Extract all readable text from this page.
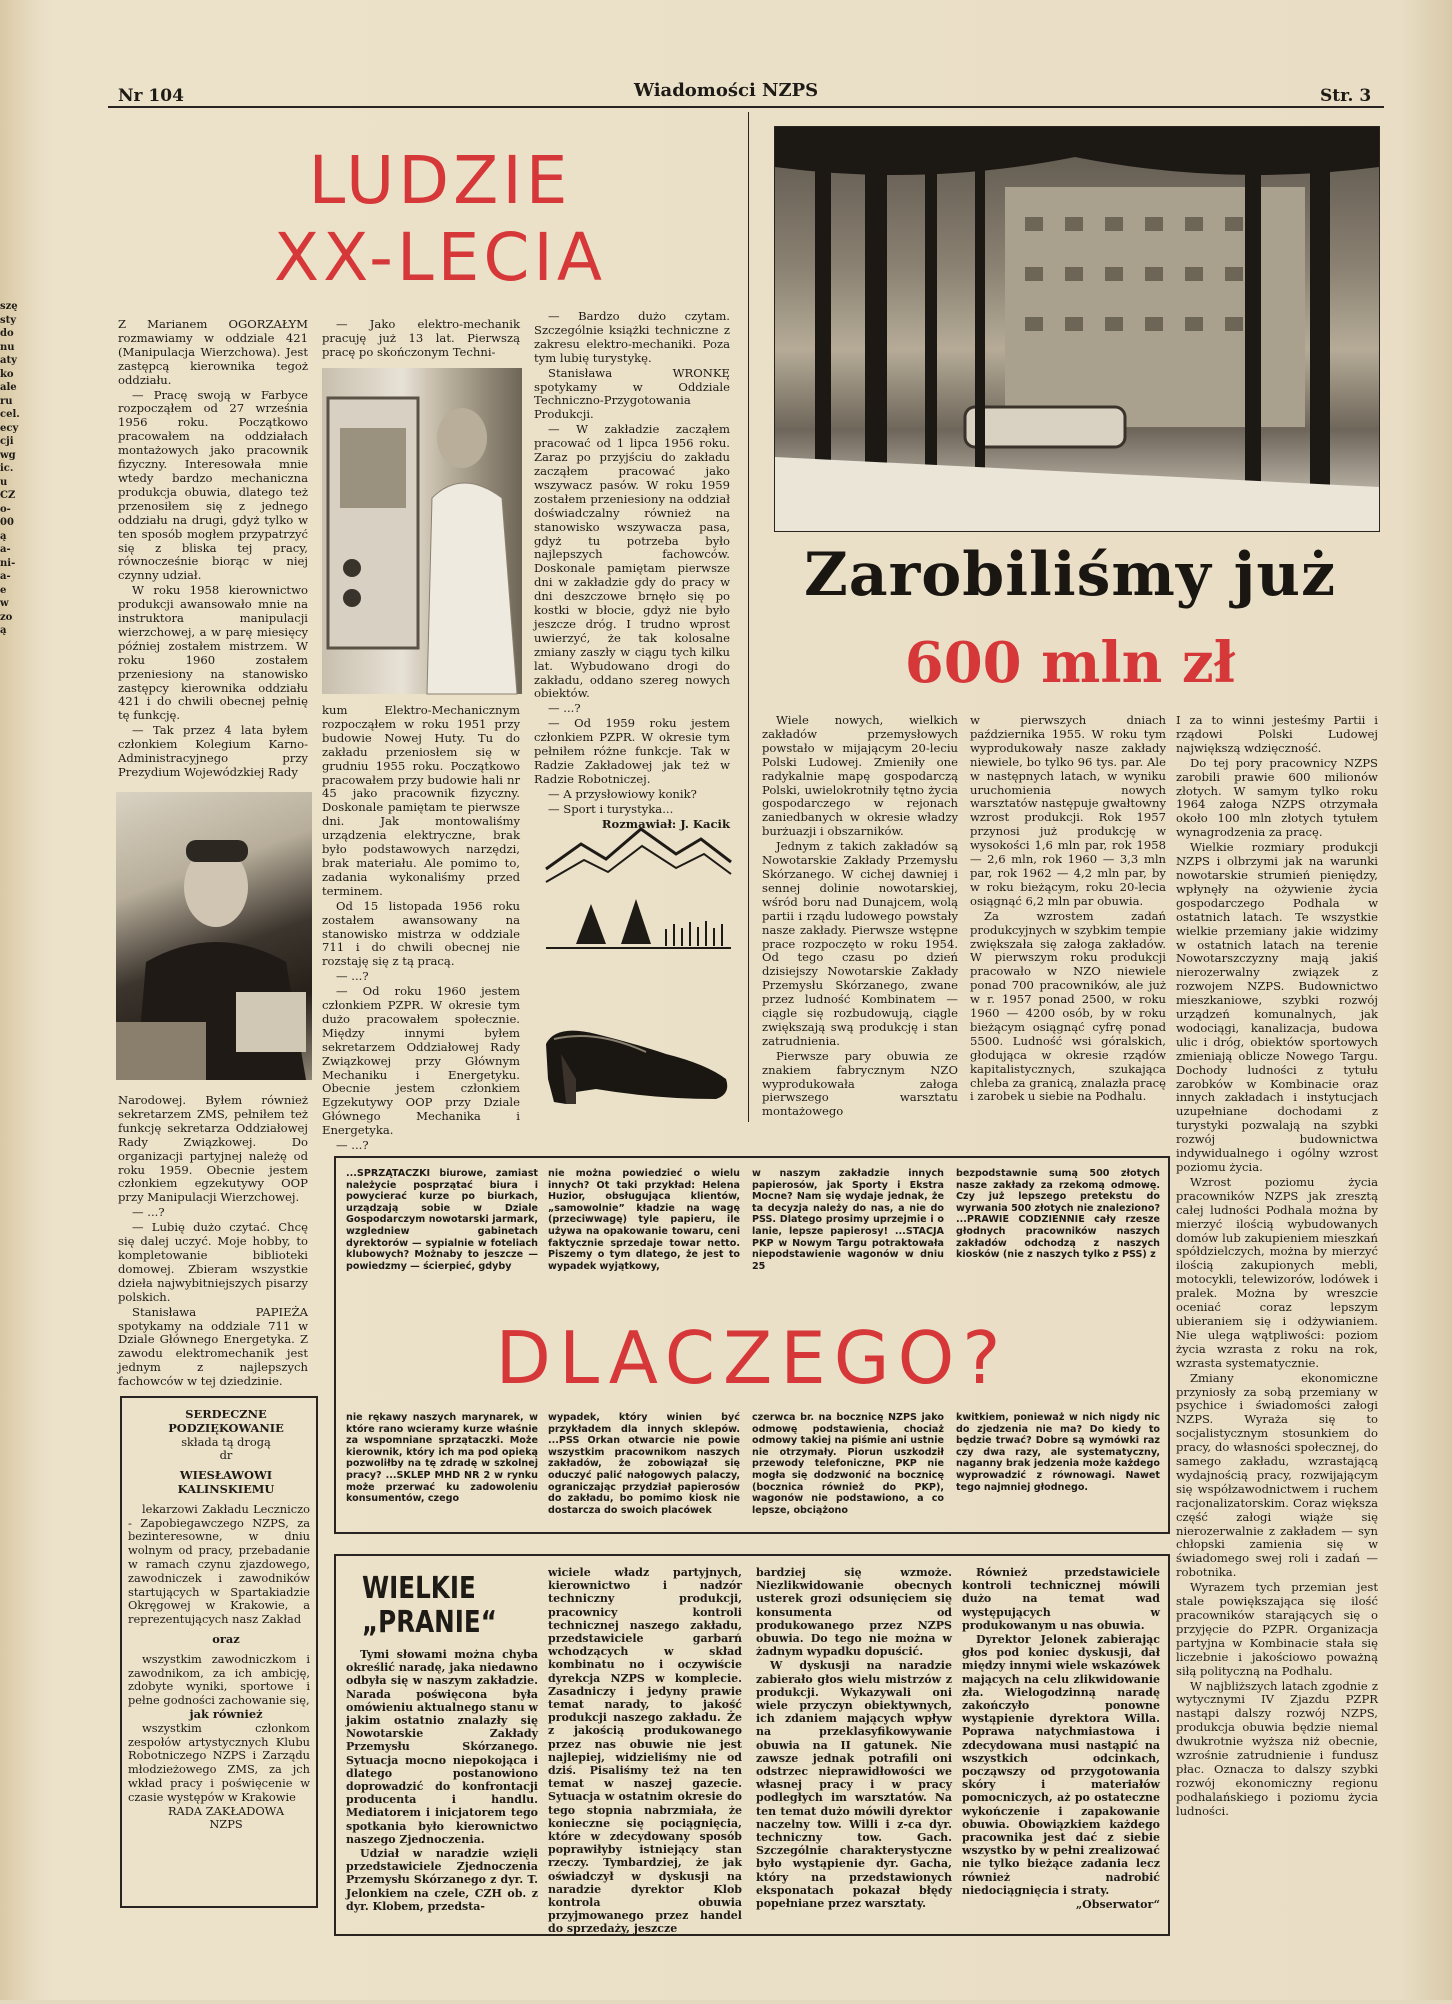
Nr 104	Wiadomości NZPS	Str. 3
szę sty do nu aty ko ale ru cel. ecy cji wg ic. u CZ o- 00 ą a- ni- a- e w zo ą
LUDZIE
XX-LECIA

Z Marianem OGORZAŁYM rozmawiamy w oddziale 421 (Manipulacja Wierzchowa). Jest zastępcą kierownika tegoż oddziału.

— Pracę swoją w Farbyce rozpocząłem od 27 września 1956 roku. Początkowo pracowałem na oddziałach montażowych jako pracownik fizyczny. Interesowała mnie wtedy bardzo mechaniczna produkcja obuwia, dlatego też przenosiłem się z jednego oddziału na drugi, gdyż tylko w ten sposób mogłem przypatrzyć się z bliska tej pracy, równocześnie biorąc w niej czynny udział.

W roku 1958 kierownictwo produkcji awansowało mnie na instruktora manipulacji wierzchowej, a w parę miesięcy później zostałem mistrzem. W roku 1960 zostałem przeniesiony na stanowisko zastępcy kierownika oddziału 421 i do chwili obecnej pełnię tę funkcję.

— Tak przez 4 lata byłem członkiem Kolegium Karno-Administracyjnego przy Prezydium Wojewódzkiej Rady

Narodowej. Byłem również sekretarzem ZMS, pełniłem też funkcję sekretarza Oddziałowej Rady Związkowej. Do organizacji partyjnej należę od roku 1959. Obecnie jestem członkiem egzekutywy OOP przy Manipulacji Wierzchowej.

— ...?

— Lubię dużo czytać. Chcę się dalej uczyć. Moje hobby, to kompletowanie biblioteki domowej. Zbieram wszystkie dzieła najwybitniejszych pisarzy polskich.

Stanisława PAPIEŻA spotykamy na oddziale 711 w Dziale Głównego Energetyka. Z zawodu elektromechanik jest jednym z najlepszych fachowców w tej dziedzinie.

— Jako elektro-mechanik pracuję już 13 lat. Pierwszą pracę po skończonym Techni-

kum Elektro-Mechanicznym rozpocząłem w roku 1951 przy budowie Nowej Huty. Tu do zakładu przeniosłem się w grudniu 1955 roku. Początkowo pracowałem przy budowie hali nr 45 jako pracownik fizyczny. Doskonale pamiętam te pierwsze dni. Jak montowaliśmy urządzenia elektryczne, brak było podstawowych narzędzi, brak materiału. Ale pomimo to, zadania wykonaliśmy przed terminem.

Od 15 listopada 1956 roku zostałem awansowany na stanowisko mistrza w oddziale 711 i do chwili obecnej nie rozstaję się z tą pracą.

— ...?

— Od roku 1960 jestem członkiem PZPR. W okresie tym dużo pracowałem społecznie. Między innymi byłem sekretarzem Oddziałowej Rady Związkowej przy Głównym Mechaniku i Energetyku. Obecnie jestem członkiem Egzekutywy OOP przy Dziale Głównego Mechanika i Energetyka.

— ...?

— Bardzo dużo czytam. Szczególnie książki techniczne z zakresu elektro-mechaniki. Poza tym lubię turystykę.

Stanisława WRONKĘ spotykamy w Oddziale Techniczno-Przygotowania Produkcji.

— W zakładzie zacząłem pracować od 1 lipca 1956 roku. Zaraz po przyjściu do zakładu zacząłem pracować jako wszywacz pasów. W roku 1959 zostałem przeniesiony na oddział doświadczalny również na stanowisko wszywacza pasa, gdyż tu potrzeba było najlepszych fachowców. Doskonale pamiętam pierwsze dni w zakładzie gdy do pracy w dni deszczowe brnęło się po kostki w błocie, gdyż nie było jeszcze dróg. I trudno wprost uwierzyć, że tak kolosalne zmiany zaszły w ciągu tych kilku lat. Wybudowano drogi do zakładu, oddano szereg nowych obiektów.

— ...?

— Od 1959 roku jestem członkiem PZPR. W okresie tym pełniłem różne funkcje. Tak w Radzie Zakładowej jak też w Radzie Robotniczej.

— A przysłowiowy konik?

— Sport i turystyka...

Rozmawiał: J. Kacik

Zarobiliśmy już
600 mln zł

Wiele nowych, wielkich zakładów przemysłowych powstało w mijającym 20-leciu Polski Ludowej. Zmieniły one radykalnie mapę gospodarczą Polski, uwielokrotniły tętno życia gospodarczego w rejonach zaniedbanych w okresie władzy burżuazji i obszarników.

Jednym z takich zakładów są Nowotarskie Zakłady Przemysłu Skórzanego. W cichej dawniej i sennej dolinie nowotarskiej, wśród boru nad Dunajcem, wolą partii i rządu ludowego powstały nasze zakłady. Pierwsze wstępne prace rozpoczęto w roku 1954. Od tego czasu po dzień dzisiejszy Nowotarskie Zakłady Przemysłu Skórzanego, zwane przez ludność Kombinatem — ciągle się rozbudowują, ciągle zwiększają swą produkcję i stan zatrudnienia.

Pierwsze pary obuwia ze znakiem fabrycznym NZO wyprodukowała załoga pierwszego warsztatu montażowego

w pierwszych dniach października 1955. W roku tym wyprodukowały nasze zakłady niewiele, bo tylko 96 tys. par. Ale w następnych latach, w wyniku uruchomienia nowych warsztatów następuje gwałtowny wzrost produkcji. Rok 1957 przynosi już produkcję w wysokości 1,6 mln par, rok 1958 — 2,6 mln, rok 1960 — 3,3 mln par, rok 1962 — 4,2 mln par, by w roku bieżącym, roku 20-lecia osiągnąć 6,2 mln par obuwia.

Za wzrostem zadań produkcyjnych w szybkim tempie zwiększała się załoga zakładów. W pierwszym roku produkcji pracowało w NZO niewiele ponad 700 pracowników, ale już w r. 1957 ponad 2500, w roku 1960 — 4200 osób, by w roku bieżącym osiągnąć cyfrę ponad 5500. Ludność wsi góralskich, głodująca w okresie rządów kapitalistycznych, szukająca chleba za granicą, znalazła pracę i zarobek u siebie na Podhalu.

I za to winni jesteśmy Partii i rządowi Polski Ludowej największą wdzięczność.

Do tej pory pracownicy NZPS zarobili prawie 600 milionów złotych. W samym tylko roku 1964 załoga NZPS otrzymała około 100 mln złotych tytułem wynagrodzenia za pracę.

Wielkie rozmiary produkcji NZPS i olbrzymi jak na warunki nowotarskie strumień pieniędzy, wpłynęły na ożywienie życia gospodarczego Podhala w ostatnich latach. Te wszystkie wielkie przemiany jakie widzimy w ostatnich latach na terenie Nowotarszczyzny mają jakiś nierozerwalny związek z rozwojem NZPS. Budownictwo mieszkaniowe, szybki rozwój urządzeń komunalnych, jak wodociągi, kanalizacja, budowa ulic i dróg, obiektów sportowych zmieniają oblicze Nowego Targu. Dochody ludności z tytułu zarobków w Kombinacie oraz innych zakładach i instytucjach uzupełniane dochodami z turystyki pozwalają na szybki rozwój budownictwa indywidualnego i ogólny wzrost poziomu życia.

Wzrost poziomu życia pracowników NZPS jak zresztą całej ludności Podhala można by mierzyć ilością wybudowanych domów lub zakupieniem mieszkań spółdzielczych, można by mierzyć ilością zakupionych mebli, motocykli, telewizorów, lodówek i pralek. Można by wreszcie oceniać coraz lepszym ubieraniem się i odżywianiem. Nie ulega wątpliwości: poziom życia wzrasta z roku na rok, wzrasta systematycznie.

Zmiany ekonomiczne przyniosły za sobą przemiany w psychice i świadomości załogi NZPS. Wyraża się to socjalistycznym stosunkiem do pracy, do własności społecznej, do samego zakładu, wzrastającą wydajnością pracy, rozwijającym się współzawodnictwem i ruchem racjonalizatorskim. Coraz większa część załogi wiąże się nierozerwalnie z zakładem — syn chłopski zamienia się w świadomego swej roli i zadań — robotnika.

Wyrazem tych przemian jest stale powiększająca się ilość pracowników starających się o przyjęcie do PZPR. Organizacja partyjna w Kombinacie stała się liczebnie i jakościowo poważną siłą polityczną na Podhalu.

W najbliższych latach zgodnie z wytycznymi IV Zjazdu PZPR nastąpi dalszy rozwój NZPS, produkcja obuwia będzie niemal dwukrotnie wyższa niż obecnie, wzrośnie zatrudnienie i fundusz płac. Oznacza to dalszy szybki rozwój ekonomiczny regionu podhalańskiego i poziomu życia ludności.

...SPRZĄTACZKI biurowe, zamiast należycie posprzątać biura i powycierać kurze po biurkach, urządzają sobie w Dziale Gospodarczym nowotarski jarmark, wzgledniew gabinetach dyrektorów — sypialnie w foteliach klubowych? Możnaby to jeszcze — powiedzmy — ścierpieć, gdyby
nie można powiedzieć o wielu innych? Ot taki przykład: Helena Huzior, obsługująca klientów, „samowolnie” kładzie na wagę (przeciwwagę) tyle papieru, ile używa na opakowanie towaru, ceni faktycznie sprzedaje towar netto. Piszemy o tym dlatego, że jest to wypadek wyjątkowy,
w naszym zakładzie innych papierosów, jak Sporty i Ekstra Mocne? Nam się wydaje jednak, że ta decyzja należy do nas, a nie do PSS. Dlatego prosimy uprzejmie i o lanie, lepsze papierosy! ...STACJA PKP w Nowym Targu potraktowała niepodstawienie wagonów w dniu 25
bezpodstawnie sumą 500 złotych nasze zakłady za rzekomą odmowę. Czy już lepszego pretekstu do wyrwania 500 złotych nie znaleziono? ...PRAWIE CODZIENNIE cały rzesze głodnych pracowników naszych zakładów odchodzą z naszych kiosków (nie z naszych tylko z PSS) z
DLACZEGO?
nie rękawy naszych marynarek, w które rano wcieramy kurze właśnie za wspomniane sprzątaczki. Może kierownik, który ich ma pod opieką pozwoliłby na tę zdradę w szkolnej pracy? ...SKLEP MHD NR 2 w rynku może przerwać ku zadowoleniu konsumentów, czego
wypadek, który winien być przykładem dla innych sklepów. ...PSS Orkan otwarcie nie powie wszystkim pracownikom naszych zakładów, że zobowiązał się oduczyć palić nałogowych palaczy, ograniczając przydział papierosów do zakładu, bo pomimo kiosk nie dostarcza do swoich placówek
czerwca br. na bocznicę NZPS jako odmowę podstawienia, chociaż odmowy takiej na piśmie ani ustnie nie otrzymały. Piorun uszkodził przewody telefoniczne, PKP nie mogła się dodzwonić na bocznicę (bocznica również do PKP), wagonów nie podstawiono, a co lepsze, obciążono
kwitkiem, ponieważ w nich nigdy nic do zjedzenia nie ma? Do kiedy to będzie trwać? Dobre są wymówki raz czy dwa razy, ale systematyczny, naganny brak jedzenia może każdego wyprowadzić z równowagi. Nawet tego najmniej głodnego.

SERDECZNE

PODZIĘKOWANIE

składa tą drogą

dr

WIESŁAWOWI

KALINSKIEMU

lekarzowi Zakładu Leczniczo - Zapobiegawczego NZPS, za bezinteresowne, w dniu wolnym od pracy, przebadanie w ramach czynu zjazdowego, zawodniczek i zawodników startujących w Spartakiadzie Okręgowej w Krakowie, a reprezentujących nasz Zakład

oraz

wszystkim zawodniczkom i zawodnikom, za ich ambicję, zdobyte wyniki, sportowe i pełne godności zachowanie się,

jak również

wszystkim członkom zespołów artystycznych Klubu Robotniczego NZPS i Zarządu młodzieżowego ZMS, za jch wkład pracy i poświęcenie w czasie występów w Krakowie

RADA ZAKŁADOWA

NZPS

WIELKIE
„PRANIE“

Tymi słowami można chyba określić naradę, jaka niedawno odbyła się w naszym zakładzie. Narada poświęcona była omówieniu aktualnego stanu w jakim ostatnio znalazły się Nowotarskie Zakłady Przemysłu Skórzanego. Sytuacja mocno niepokojąca i dlatego postanowiono doprowadzić do konfrontacji producenta i handlu. Mediatorem i inicjatorem tego spotkania było kierownictwo naszego Zjednoczenia.

Udział w naradzie wzięli przedstawiciele Zjednoczenia Przemysłu Skórzanego z dyr. T. Jelonkiem na czele, CZH ob. z dyr. Klobem, przedsta-

wiciele władz partyjnych, kierownictwo i nadzór techniczny produkcji, pracownicy kontroli technicznej naszego zakładu, przedstawiciele garbarń wchodzących w skład kombinatu no i oczywiście dyrekcja NZPS w komplecie. Zasadniczy i jedyny prawie temat narady, to jakość produkcji naszego zakładu. Że z jakością produkowanego przez nas obuwie nie jest najlepiej, widzieliśmy nie od dziś. Pisaliśmy też na ten temat w naszej gazecie. Sytuacja w ostatnim okresie do tego stopnia nabrzmiała, że konieczne się pociągnięcia, które w zdecydowany sposób poprawiłyby istniejący stan rzeczy. Tymbardziej, że jak oświadczył w dyskusji na naradzie dyrektor Klob kontrola obuwia przyjmowanego przez handel do sprzedaży, jeszcze

bardziej się wzmoże. Niezlikwidowanie obecnych usterek grozi odsunięciem się konsumenta od produkowanego przez NZPS obuwia. Do tego nie można w żadnym wypadku dopuścić.

W dyskusji na naradzie zabierało głos wielu mistrzów z produkcji. Wykazywali oni wiele przyczyn obiektywnych, ich zdaniem mających wpływ na przeklasyfikowywanie obuwia na II gatunek. Nie zawsze jednak potrafili oni odstrzec nieprawidłowości we własnej pracy i w pracy podległych im warsztatów. Na ten temat dużo mówili dyrektor naczelny tow. Willi i z-ca dyr. techniczny tow. Gach. Szczególnie charakterystyczne było wystąpienie dyr. Gacha, który na przedstawionych eksponatach pokazał błędy popełniane przez warsztaty.

Również przedstawiciele kontroli technicznej mówili dużo na temat wad występujących w produkowanym u nas obuwia.

Dyrektor Jelonek zabierając głos pod koniec dyskusji, dał między innymi wiele wskazówek mających na celu zlikwidowanie zła. Wielogodzinną naradę zakończyło ponowne wystąpienie dyrektora Willa. Poprawa natychmiastowa i zdecydowana musi nastąpić na wszystkich odcinkach, począwszy od przygotowania skóry i materiałów pomocniczych, aż po ostateczne wykończenie i zapakowanie obuwia. Obowiązkiem każdego pracownika jest dać z siebie wszystko by w pełni zrealizować nie tylko bieżące zadania lecz również nadrobić niedociągnięcia i straty.

„Obserwator“
